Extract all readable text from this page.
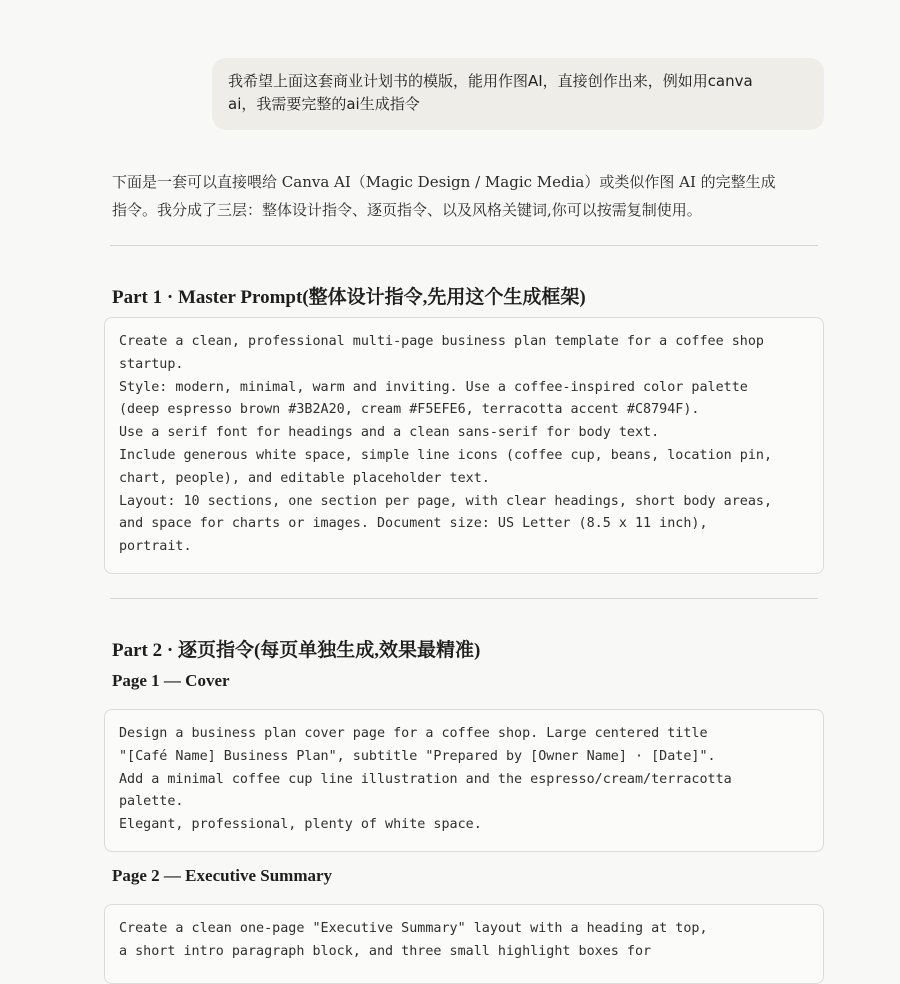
我希望上面这套商业计划书的模版，能用作图AI，直接创作出来，例如用canva
ai，我需要完整的ai生成指令
下面是一套可以直接喂给 Canva AI（Magic Design / Magic Media）或类似作图 AI 的完整生成
指令。我分成了三层：整体设计指令、逐页指令、以及风格关键词,你可以按需复制使用。
Part 1 · Master Prompt(整体设计指令,先用这个生成框架)
Create a clean, professional multi-page business plan template for a coffee shop
startup.
Style: modern, minimal, warm and inviting. Use a coffee-inspired color palette
(deep espresso brown #3B2A20, cream #F5EFE6, terracotta accent #C8794F).
Use a serif font for headings and a clean sans-serif for body text.
Include generous white space, simple line icons (coffee cup, beans, location pin,
chart, people), and editable placeholder text.
Layout: 10 sections, one section per page, with clear headings, short body areas,
and space for charts or images. Document size: US Letter (8.5 x 11 inch),
portrait.
Part 2 · 逐页指令(每页单独生成,效果最精准)
Page 1 — Cover
Design a business plan cover page for a coffee shop. Large centered title
"[Café Name] Business Plan", subtitle "Prepared by [Owner Name] · [Date]".
Add a minimal coffee cup line illustration and the espresso/cream/terracotta
palette.
Elegant, professional, plenty of white space.
Page 2 — Executive Summary
Create a clean one-page "Executive Summary" layout with a heading at top,
a short intro paragraph block, and three small highlight boxes for
